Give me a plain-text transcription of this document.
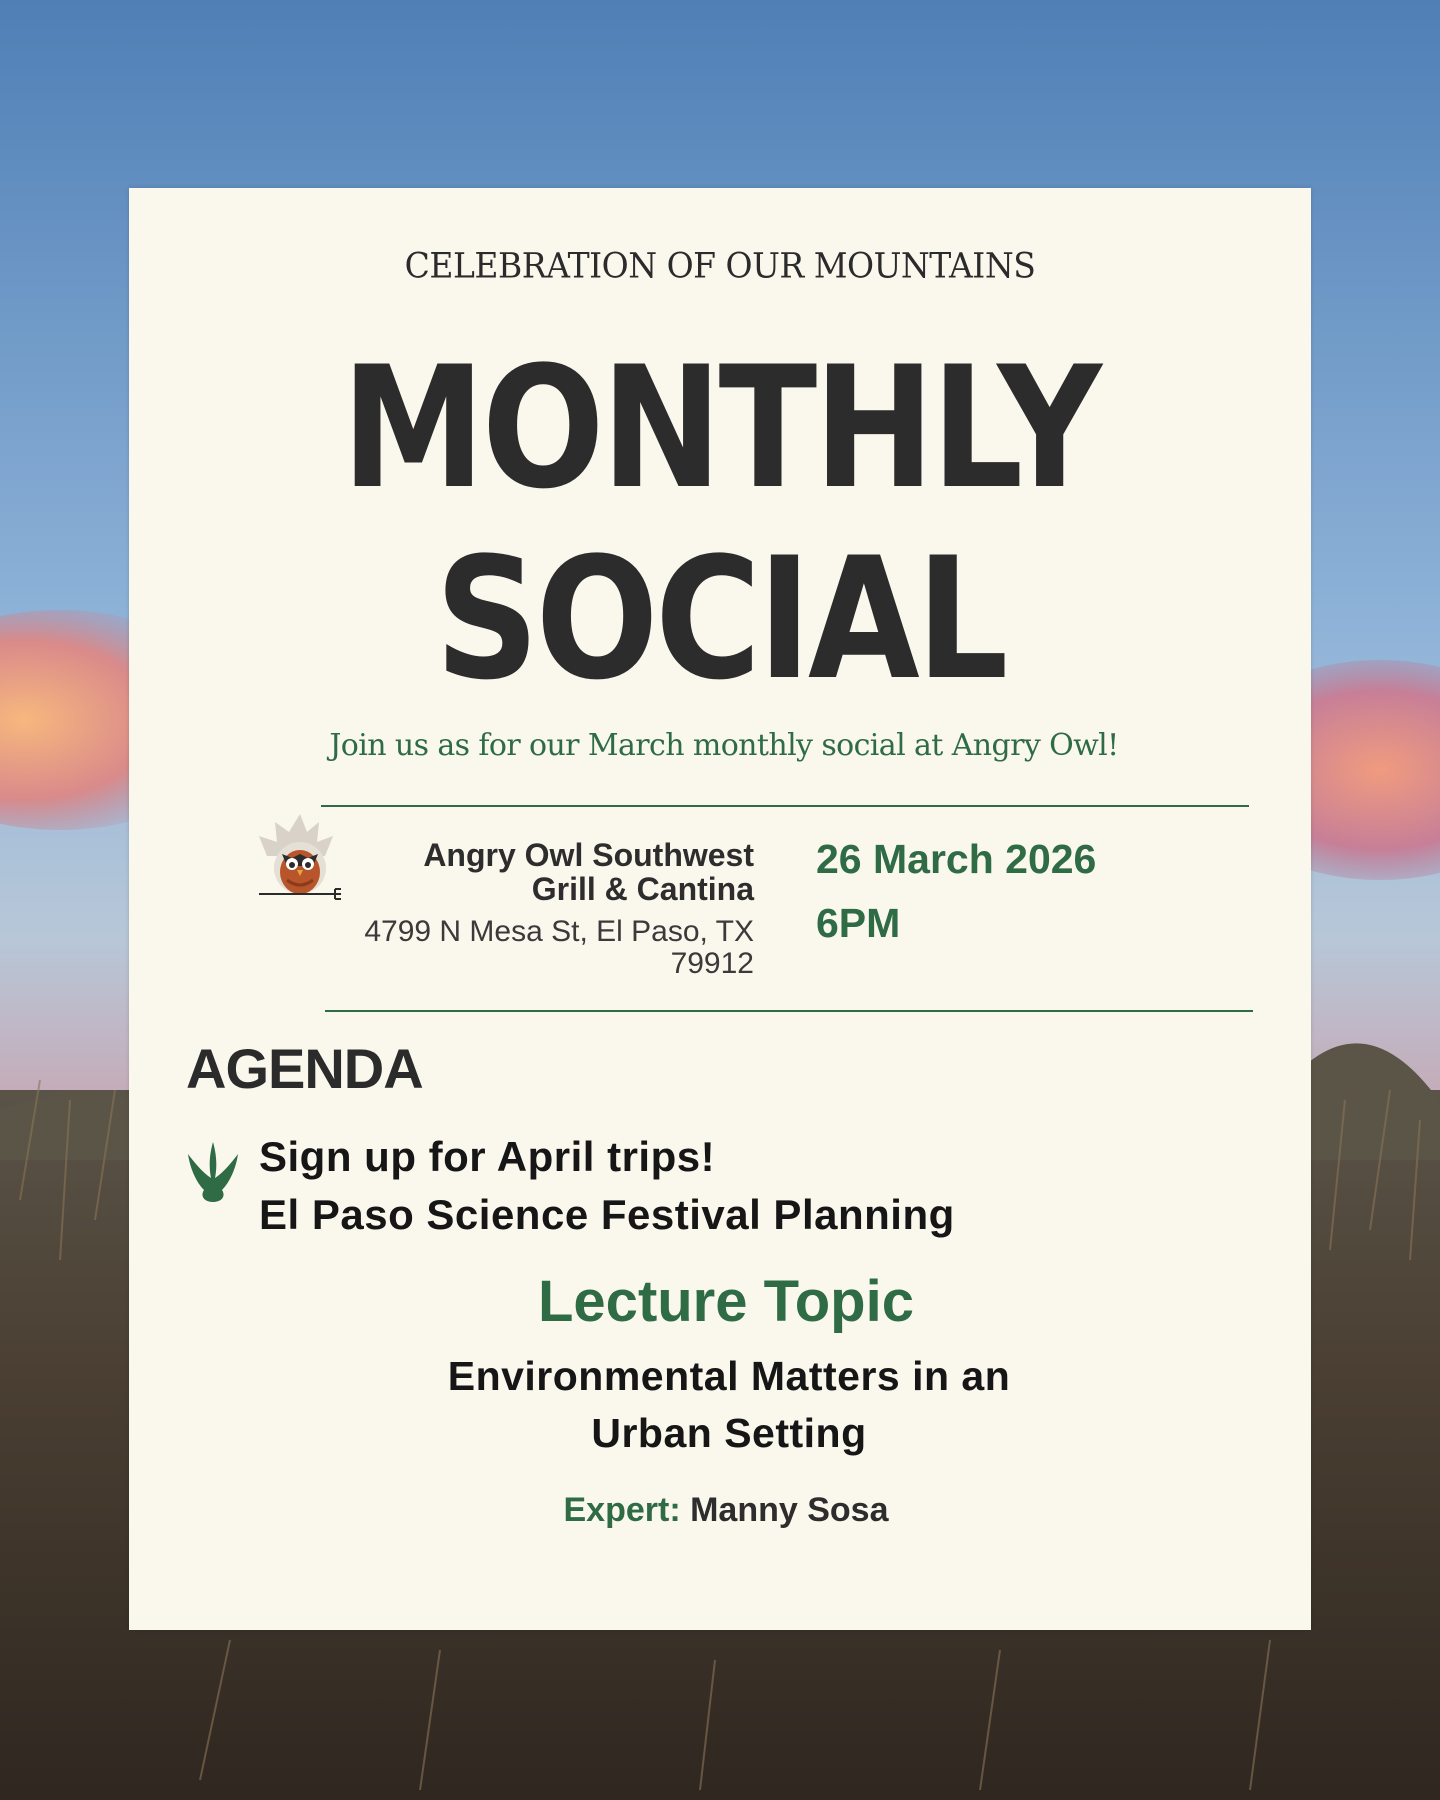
CELEBRATION OF OUR MOUNTAINS
MONTHLY
SOCIAL
Join us as for our March monthly social at Angry Owl!
Angry Owl Southwest
Grill & Cantina
4799 N Mesa St, El Paso, TX
79912
26 March 2026
6PM
AGENDA
Sign up for April trips!
El Paso Science Festival Planning
Lecture Topic
Environmental Matters in an
Urban Setting
Expert: Manny Sosa
